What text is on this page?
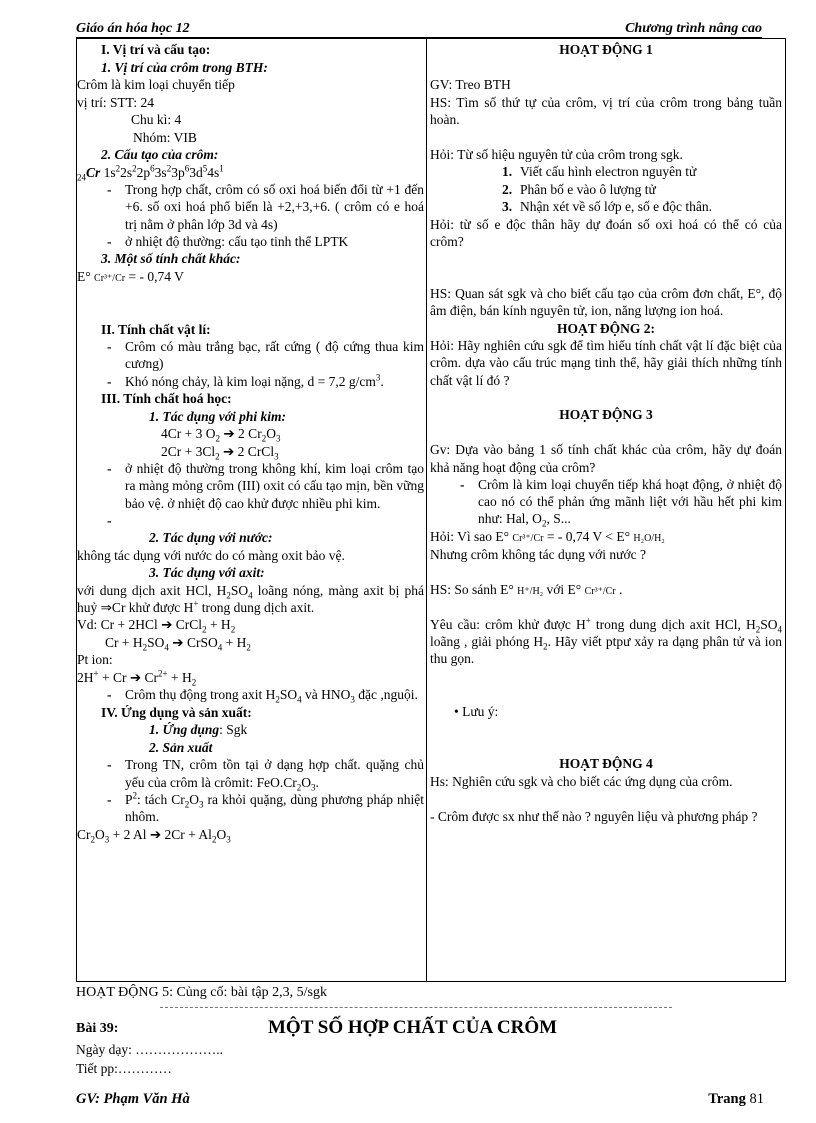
Giáo án hóa học 12	Chương trình nâng cao
I. Vị trí và cấu tạo:
1. Vị trí của crôm trong BTH:
Crôm là kim loại chuyển tiếp
vị trí: STT: 24
Chu kì: 4
Nhóm: VIB
2. Cấu tạo của crôm:
$_{24}$Cr $1s^22s^22p^63s^23p^63d^54s^1$
- Trong hợp chất, crôm có số oxi hoá biến đổi từ +1 đến +6. số oxi hoá phổ biến là +2,+3,+6. ( crôm có e hoá trị nằm ở phân lớp 3d và 4s)
- ở nhiệt độ thường: cấu tạo tinh thể LPTK
3. Một số tính chất khác:
E° Cr³⁺/Cr = - 0,74 V
II. Tính chất vật lí:
- Crôm có màu trắng bạc, rất cứng ( độ cứng thua kim cương)
- Khó nóng chảy, là kim loại nặng, d = 7,2 $g/cm^3$.
III. Tính chất hoá học:
1. Tác dụng với phi kim:
4Cr + 3 $O_2$ ➔ 2 $Cr_2O_3$
$2Cr + 3Cl_2$ ➔ 2 CrCl$_3$
- ở nhiệt độ thường trong không khí, kim loại crôm tạo ra màng mỏng crôm (III) oxit có cấu tạo mịn, bền vững bảo vệ. ở nhiệt độ cao khử được nhiều phi kim.
-
2. Tác dụng với nước:
không tác dụng với nước do có màng oxit bảo vệ.
3. Tác dụng với axit:
với dung dịch axit HCl, $H_2SO_4$ loãng nóng, màng axit bị phá huỷ ⇒Cr khử được H+ trong dung dịch axit.
Vd: Cr + 2HCl ➔ CrCl$_2$ + $H_2$
$Cr + H_2SO_4$ ➔ CrSO$_4$ + $H_2$
Pt ion:
2H+ + Cr ➔ $Cr^{2+} + H_2$
- Crôm thụ động trong axit $H_2SO_4$ và $HNO_3$ đặc ,nguội.
IV. Ứng dụng và sản xuất:
1. Ứng dụng: Sgk
2. Sản xuất
- Trong TN, crôm tồn tại ở dạng hợp chất. quặng chủ yếu của crôm là crômit: $FeO.Cr_2O_3$.
- $P^2$: tách $Cr_2O_3$ ra khỏi quặng, dùng phương pháp nhiệt nhôm.
$Cr_2O_3 + 2$ Al ➔ $2Cr + Al_2O_3$
HOẠT ĐỘNG 1
GV: Treo BTH
HS: Tìm số thứ tự của crôm, vị trí của crôm trong bảng tuần hoàn.
Hỏi: Từ số hiệu nguyên tử của crôm trong sgk.
1. Viết cấu hình electron nguyên tử
2. Phân bố e vào ô lượng tử
3. Nhận xét về số lớp e, số e độc thân.
Hỏi: từ số e độc thân hãy dự đoán số oxi hoá có thể có của crôm?
HS: Quan sát sgk và cho biết cấu tạo của crôm đơn chất, E°, độ âm điện, bán kính nguyên tử, ion, năng lượng ion hoá.
HOẠT ĐỘNG 2:
Hỏi: Hãy nghiên cứu sgk để tìm hiểu tính chất vật lí đặc biệt của crôm. dựa vào cấu trúc mạng tinh thể, hãy giải thích những tính chất vật lí đó ?
HOẠT ĐỘNG 3
Gv: Dựa vào bảng 1 số tính chất khác của crôm, hãy dự đoán khả năng hoạt động của crôm?
- Crôm là kim loại chuyển tiếp khá hoạt động, ở nhiệt độ cao nó có thể phản ứng mãnh liệt với hầu hết phi kim như: Hal, $O_2$, S...
Hỏi: Vì sao E° Cr³⁺/Cr = - 0,74 V < E° H₂O/H₂
Nhưng crôm không tác dụng với nước ?
HS: So sánh E° H⁺/H₂ với E° Cr³⁺/Cr .
Yêu cầu: crôm khử được H+ trong dung dịch axit HCl, $H_2SO_4$ loãng , giải phóng $H_2$. Hãy viết ptpư xảy ra dạng phân tử và ion thu gọn.
• Lưu ý:
HOẠT ĐỘNG 4
Hs: Nghiên cứu sgk và cho biết các ứng dụng của crôm.
- Crôm được sx như thế nào ? nguyên liệu và phương pháp ?
HOẠT ĐỘNG 5: Củng cố: bài tập 2,3, 5/sgk
Bài 39:	MỘT SỐ HỢP CHẤT CỦA CRÔM
Ngày dạy: ………………..
Tiết pp:…………
GV: Phạm Văn Hà	Trang 81
